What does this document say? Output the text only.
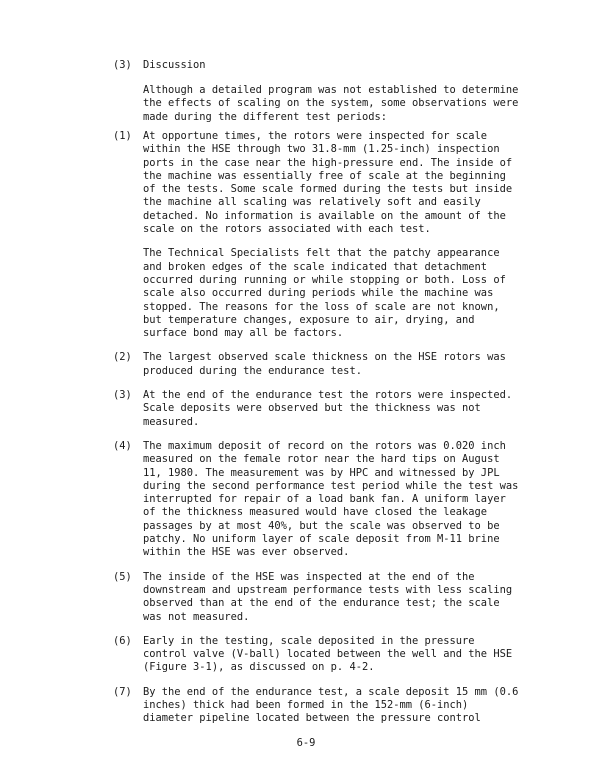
(3) Discussion

Although a detailed program was not established to determine the effects of scaling on the system, some observations were made during the different test periods:

(1)	At opportune times, the rotors were inspected for scale within the HSE through two 31.8-mm (1.25-inch) inspection ports in the case near the high-pressure end. The inside of the machine was essentially free of scale at the beginning of the tests. Some scale formed during the tests but inside the machine all scaling was relatively soft and easily detached. No information is available on the amount of the scale on the rotors associated with each test.

The Technical Specialists felt that the patchy appearance and broken edges of the scale indicated that detachment occurred during running or while stopping or both. Loss of scale also occurred during periods while the machine was stopped. The reasons for the loss of scale are not known, but temperature changes, exposure to air, drying, and surface bond may all be factors.

(2)	The largest observed scale thickness on the HSE rotors was produced during the endurance test.

(3)	At the end of the endurance test the rotors were inspected. Scale deposits were observed but the thickness was not measured.

(4)	The maximum deposit of record on the rotors was 0.020 inch measured on the female rotor near the hard tips on August 11, 1980. The measurement was by HPC and witnessed by JPL during the second performance test period while the test was interrupted for repair of a load bank fan. A uniform layer of the thickness measured would have closed the leakage passages by at most 40%, but the scale was observed to be patchy. No uniform layer of scale deposit from M-11 brine within the HSE was ever observed.

(5)	The inside of the HSE was inspected at the end of the downstream and upstream performance tests with less scaling observed than at the end of the endurance test; the scale was not measured.

(6)	Early in the testing, scale deposited in the pressure control valve (V-ball) located between the well and the HSE (Figure 3-1), as discussed on p. 4-2.

(7)	By the end of the endurance test, a scale deposit 15 mm (0.6 inches) thick had been formed in the 152-mm (6-inch) diameter pipeline located between the pressure control

6-9
